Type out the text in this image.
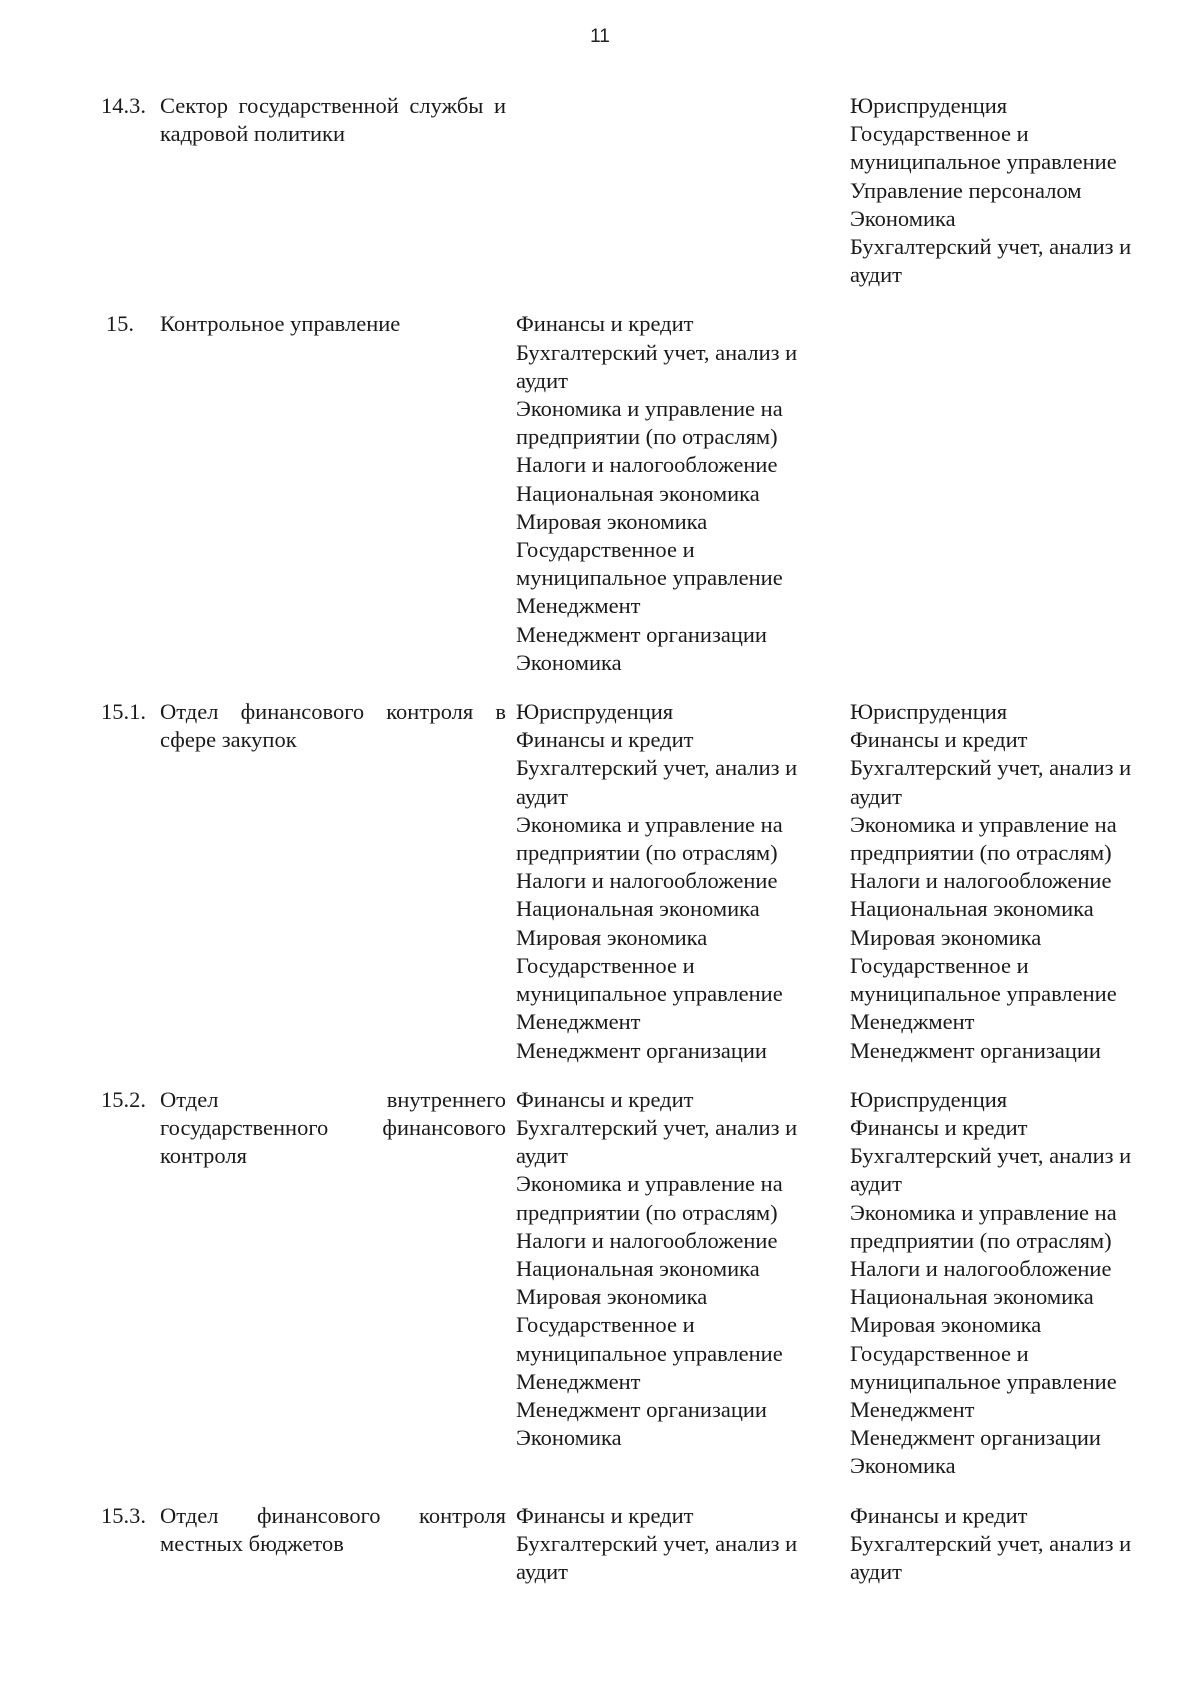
11
14.3. Сектор государственной службы и кадровой политики
Юриспруденция
Государственное и
муниципальное управление
Управление персоналом
Экономика
Бухгалтерский учет, анализ и
аудит
15.	Контрольное управление	Финансы и кредит
Бухгалтерский учет, анализ и
аудит
Экономика и управление на
предприятии (по отраслям)
Налоги и налогообложение
Национальная экономика
Мировая экономика
Государственное и
муниципальное управление
Менеджмент
Менеджмент организации
Экономика
15.1. Отдел финансового контроля в сфере закупок
Юриспруденция
Финансы и кредит
Бухгалтерский учет, анализ и
аудит
Экономика и управление на
предприятии (по отраслям)
Налоги и налогообложение
Национальная экономика
Мировая экономика
Государственное и
муниципальное управление
Менеджмент
Менеджмент организации
Юриспруденция
Финансы и кредит
Бухгалтерский учет, анализ и
аудит
Экономика и управление на
предприятии (по отраслям)
Налоги и налогообложение
Национальная экономика
Мировая экономика
Государственное и
муниципальное управление
Менеджмент
Менеджмент организации
15.2. Отдел внутреннего государственного финансового контроля
Финансы и кредит
Бухгалтерский учет, анализ и
аудит
Экономика и управление на
предприятии (по отраслям)
Налоги и налогообложение
Национальная экономика
Мировая экономика
Государственное и
муниципальное управление
Менеджмент
Менеджмент организации
Экономика
Юриспруденция
Финансы и кредит
Бухгалтерский учет, анализ и
аудит
Экономика и управление на
предприятии (по отраслям)
Налоги и налогообложение
Национальная экономика
Мировая экономика
Государственное и
муниципальное управление
Менеджмент
Менеджмент организации
Экономика
15.3. Отдел финансового контроля местных бюджетов
Финансы и кредит
Бухгалтерский учет, анализ и
аудит
Финансы и кредит
Бухгалтерский учет, анализ и
аудит
